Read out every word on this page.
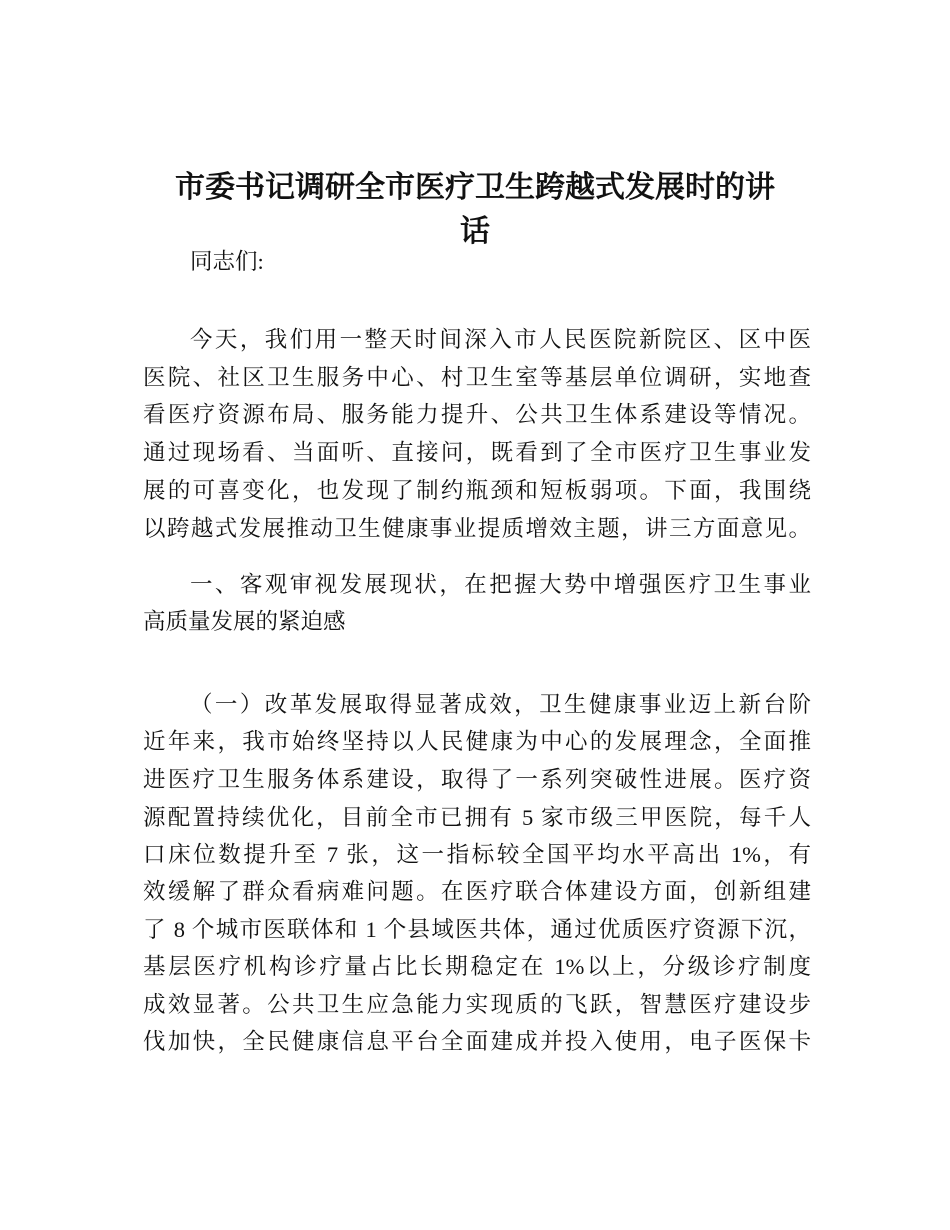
市委书记调研全市医疗卫生跨越式发展时的讲
话
同志们:
今天，我们用一整天时间深入市人民医院新院区、区中医
医院、社区卫生服务中心、村卫生室等基层单位调研，实地查
看医疗资源布局、服务能力提升、公共卫生体系建设等情况。
通过现场看、当面听、直接问，既看到了全市医疗卫生事业发
展的可喜变化，也发现了制约瓶颈和短板弱项。下面，我围绕
以跨越式发展推动卫生健康事业提质增效主题，讲三方面意见。
一、客观审视发展现状，在把握大势中增强医疗卫生事业
高质量发展的紧迫感
（一）改革发展取得显著成效，卫生健康事业迈上新台阶
近年来，我市始终坚持以人民健康为中心的发展理念，全面推
进医疗卫生服务体系建设，取得了一系列突破性进展。医疗资
源配置持续优化，目前全市已拥有 5 家市级三甲医院，每千人
口床位数提升至 7 张，这一指标较全国平均水平高出 1%，有
效缓解了群众看病难问题。在医疗联合体建设方面，创新组建
了 8 个城市医联体和 1 个县域医共体，通过优质医疗资源下沉，
基层医疗机构诊疗量占比长期稳定在 1%以上，分级诊疗制度
成效显著。公共卫生应急能力实现质的飞跃，智慧医疗建设步
伐加快，全民健康信息平台全面建成并投入使用，电子医保卡
